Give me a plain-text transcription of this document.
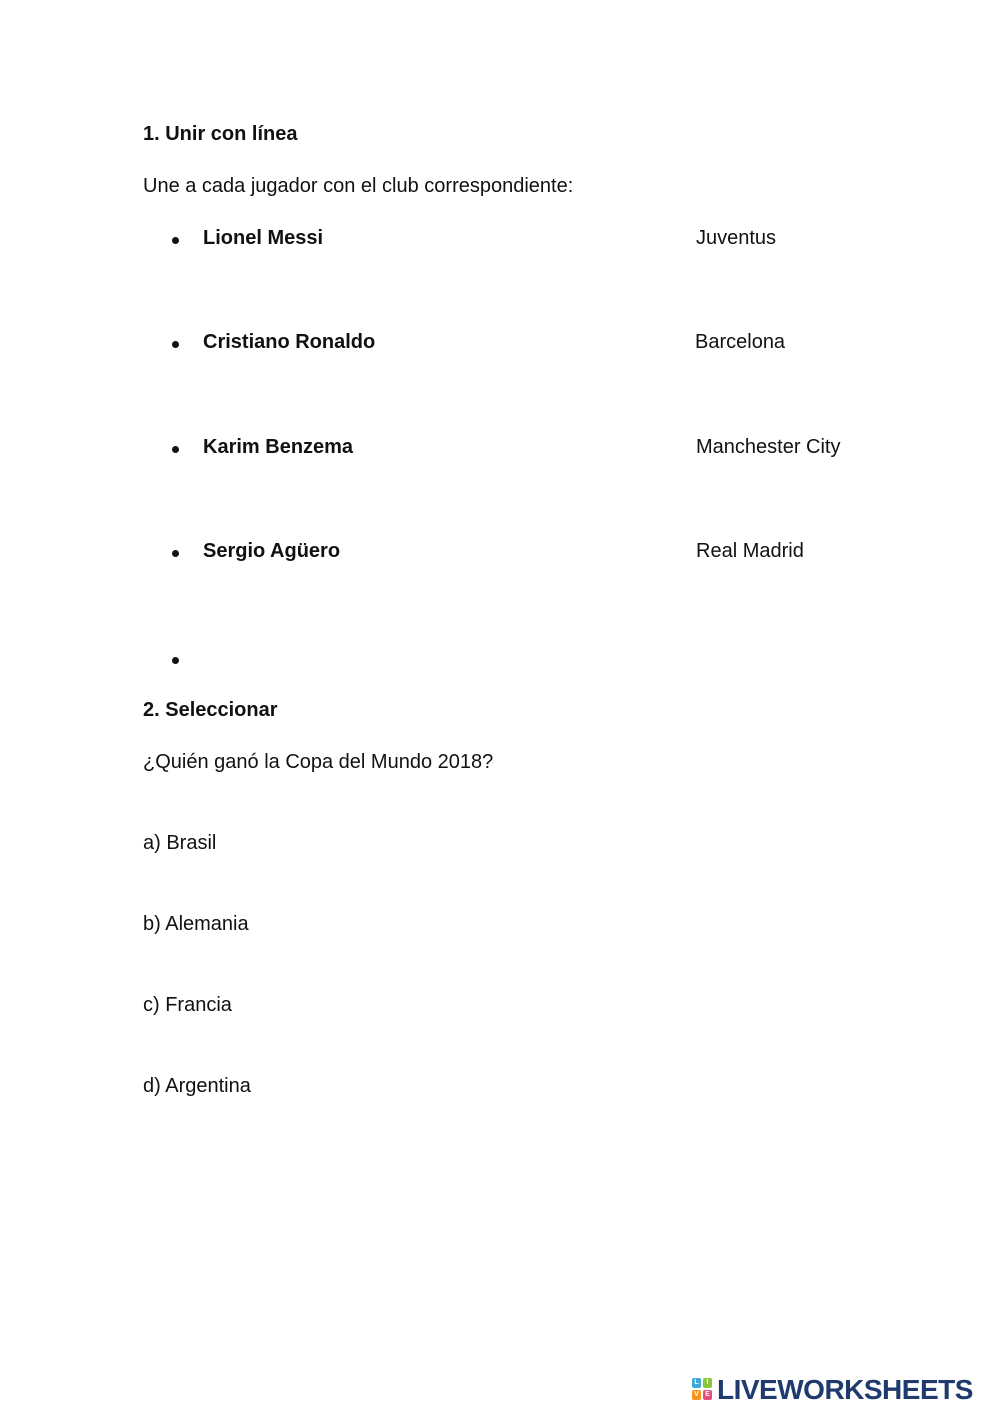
1. Unir con línea
Une a cada jugador con el club correspondiente:
Lionel Messi	Juventus
Cristiano Ronaldo	Barcelona
Karim Benzema	Manchester City
Sergio Agüero	Real Madrid
2. Seleccionar
¿Quién ganó la Copa del Mundo 2018?
a) Brasil
b) Alemania
c) Francia
d) Argentina
L	I
V E LIVEWORKSHEETS
